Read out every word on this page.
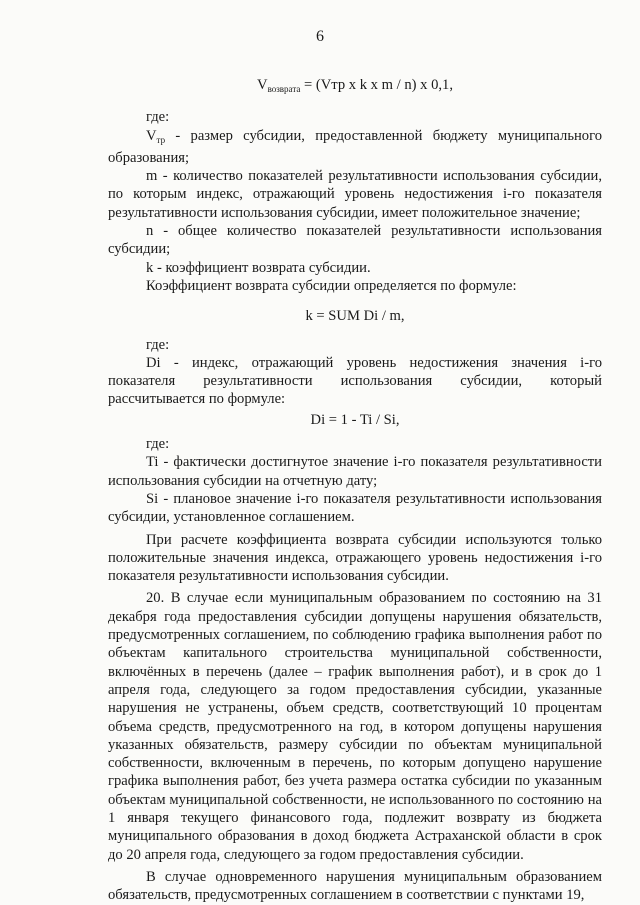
6
$V_{возврата} = (Vтр$ x k x m / n) x 0,1,

где:

$V_{тр}$ - размер субсидии, предоставленной бюджету муниципального образования;

m - количество показателей результативности использования субсидии, по которым индекс, отражающий уровень недостижения i-го показателя результативности использования субсидии, имеет положительное значение;

n - общее количество показателей результативности использования субсидии;

k - коэффициент возврата субсидии.

Коэффициент возврата субсидии определяется по формуле:

k = SUM Di / m,

где:

Di - индекс, отражающий уровень недостижения значения i-го показателя результативности использования субсидии, который рассчитывается по формуле:

Di = 1 - Ti / Si,

где:

Ti - фактически достигнутое значение i-го показателя результативности использования субсидии на отчетную дату;

Si - плановое значение i-го показателя результативности использования субсидии, установленное соглашением.

При расчете коэффициента возврата субсидии используются только положительные значения индекса, отражающего уровень недостижения i-го показателя результативности использования субсидии.

20. В случае если муниципальным образованием по состоянию на 31 декабря года предоставления субсидии допущены нарушения обязательств, предусмотренных соглашением, по соблюдению графика выполнения работ по объектам капитального строительства муниципальной собственности, включённых в перечень (далее – график выполнения работ), и в срок до 1 апреля года, следующего за годом предоставления субсидии, указанные нарушения не устранены, объем средств, соответствующий 10 процентам объема средств, предусмотренного на год, в котором допущены нарушения указанных обязательств, размеру субсидии по объектам муниципальной собственности, включенным в перечень, по которым допущено нарушение графика выполнения работ, без учета размера остатка субсидии по указанным объектам муниципальной собственности, не использованного по состоянию на 1 января текущего финансового года, подлежит возврату из бюджета муниципального образования в доход бюджета Астраханской области в срок до 20 апреля года, следующего за годом предоставления субсидии.

В случае одновременного нарушения муниципальным образованием обязательств, предусмотренных соглашением в соответствии с пунктами 19,
